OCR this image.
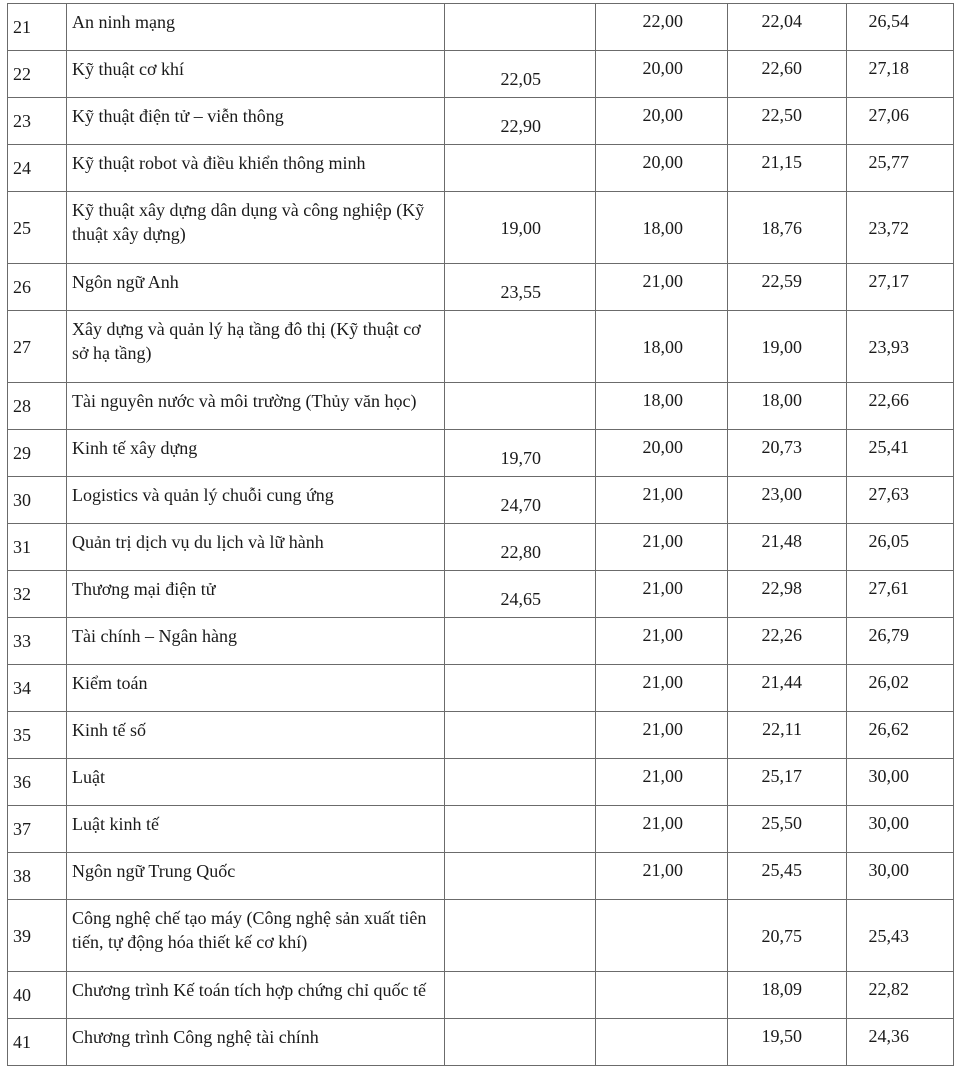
21	An ninh mạng		22,00	22,04	26,54
22	Kỹ thuật cơ khí	22,05	20,00	22,60	27,18
23	Kỹ thuật điện tử – viễn thông	22,90	20,00	22,50	27,06
24	Kỹ thuật robot và điều khiển thông minh		20,00	21,15	25,77
25	Kỹ thuật xây dựng dân dụng và công nghiệp (Kỹ thuật xây dựng)	19,00	18,00	18,76	23,72
26	Ngôn ngữ Anh	23,55	21,00	22,59	27,17
27	Xây dựng và quản lý hạ tầng đô thị (Kỹ thuật cơ sở hạ tầng)		18,00	19,00	23,93
28	Tài nguyên nước và môi trường (Thủy văn học)		18,00	18,00	22,66
29	Kinh tế xây dựng	19,70	20,00	20,73	25,41
30	Logistics và quản lý chuỗi cung ứng	24,70	21,00	23,00	27,63
31	Quản trị dịch vụ du lịch và lữ hành	22,80	21,00	21,48	26,05
32	Thương mại điện tử	24,65	21,00	22,98	27,61
33	Tài chính – Ngân hàng		21,00	22,26	26,79
34	Kiểm toán		21,00	21,44	26,02
35	Kinh tế số		21,00	22,11	26,62
36	Luật		21,00	25,17	30,00
37	Luật kinh tế		21,00	25,50	30,00
38	Ngôn ngữ Trung Quốc		21,00	25,45	30,00
39	Công nghệ chế tạo máy (Công nghệ sản xuất tiên tiến, tự động hóa thiết kế cơ khí)			20,75	25,43
40	Chương trình Kế toán tích hợp chứng chỉ quốc tế			18,09	22,82
41	Chương trình Công nghệ tài chính			19,50	24,36
